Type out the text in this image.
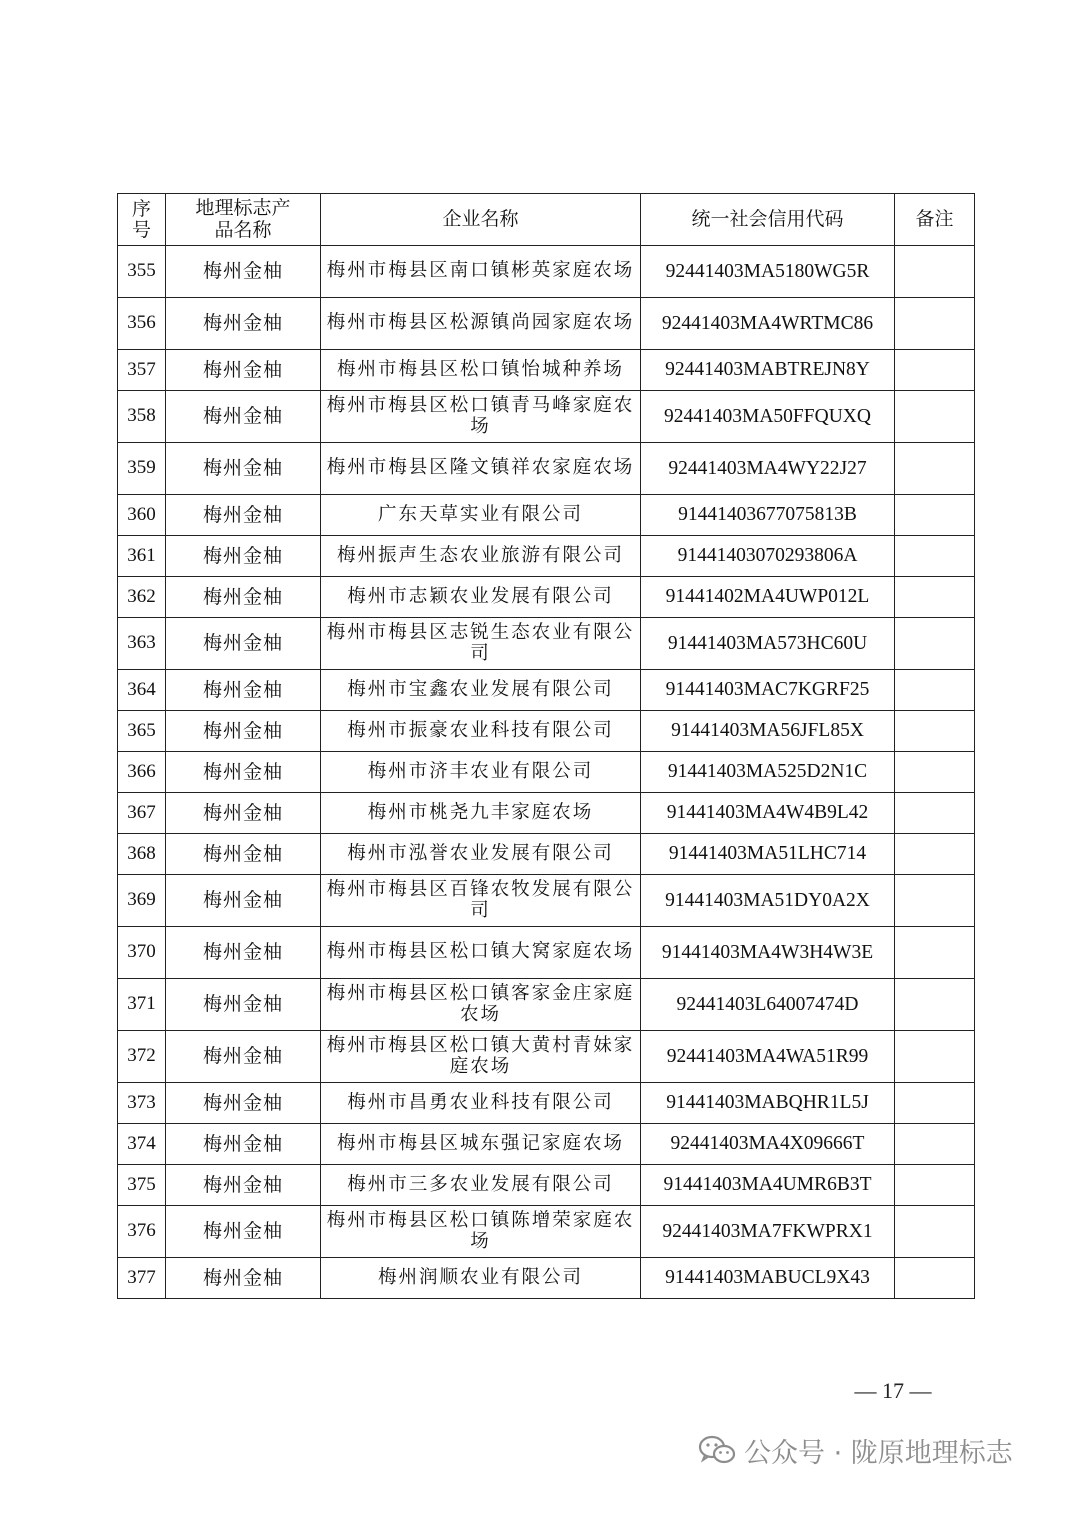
序号	地理标志产品名称	企业名称	统一社会信用代码	备注
355	梅州金柚	梅州市梅县区南口镇彬英家庭农场	92441403MA5180WG5R	
356	梅州金柚	梅州市梅县区松源镇尚园家庭农场	92441403MA4WRTMC86	
357	梅州金柚	梅州市梅县区松口镇怡城种养场	92441403MABTREJN8Y	
358	梅州金柚	梅州市梅县区松口镇青马峰家庭农场	92441403MA50FFQUXQ	
359	梅州金柚	梅州市梅县区隆文镇祥农家庭农场	92441403MA4WY22J27	
360	梅州金柚	广东天草实业有限公司	91441403677075813B	
361	梅州金柚	梅州振声生态农业旅游有限公司	91441403070293806A	
362	梅州金柚	梅州市志颖农业发展有限公司	91441402MA4UWP012L	
363	梅州金柚	梅州市梅县区志锐生态农业有限公司	91441403MA573HC60U	
364	梅州金柚	梅州市宝鑫农业发展有限公司	91441403MAC7KGRF25	
365	梅州金柚	梅州市振豪农业科技有限公司	91441403MA56JFL85X	
366	梅州金柚	梅州市济丰农业有限公司	91441403MA525D2N1C	
367	梅州金柚	梅州市桃尧九丰家庭农场	91441403MA4W4B9L42	
368	梅州金柚	梅州市泓誉农业发展有限公司	91441403MA51LHC714	
369	梅州金柚	梅州市梅县区百锋农牧发展有限公司	91441403MA51DY0A2X	
370	梅州金柚	梅州市梅县区松口镇大窝家庭农场	91441403MA4W3H4W3E	
371	梅州金柚	梅州市梅县区松口镇客家金庄家庭农场	92441403L64007474D	
372	梅州金柚	梅州市梅县区松口镇大黄村青妹家庭农场	92441403MA4WA51R99	
373	梅州金柚	梅州市昌勇农业科技有限公司	91441403MABQHR1L5J	
374	梅州金柚	梅州市梅县区城东强记家庭农场	92441403MA4X09666T	
375	梅州金柚	梅州市三多农业发展有限公司	91441403MA4UMR6B3T	
376	梅州金柚	梅州市梅县区松口镇陈增荣家庭农场	92441403MA7FKWPRX1	
377	梅州金柚	梅州润顺农业有限公司	91441403MABUCL9X43	
— 17 —
公众号 · 陇原地理标志
